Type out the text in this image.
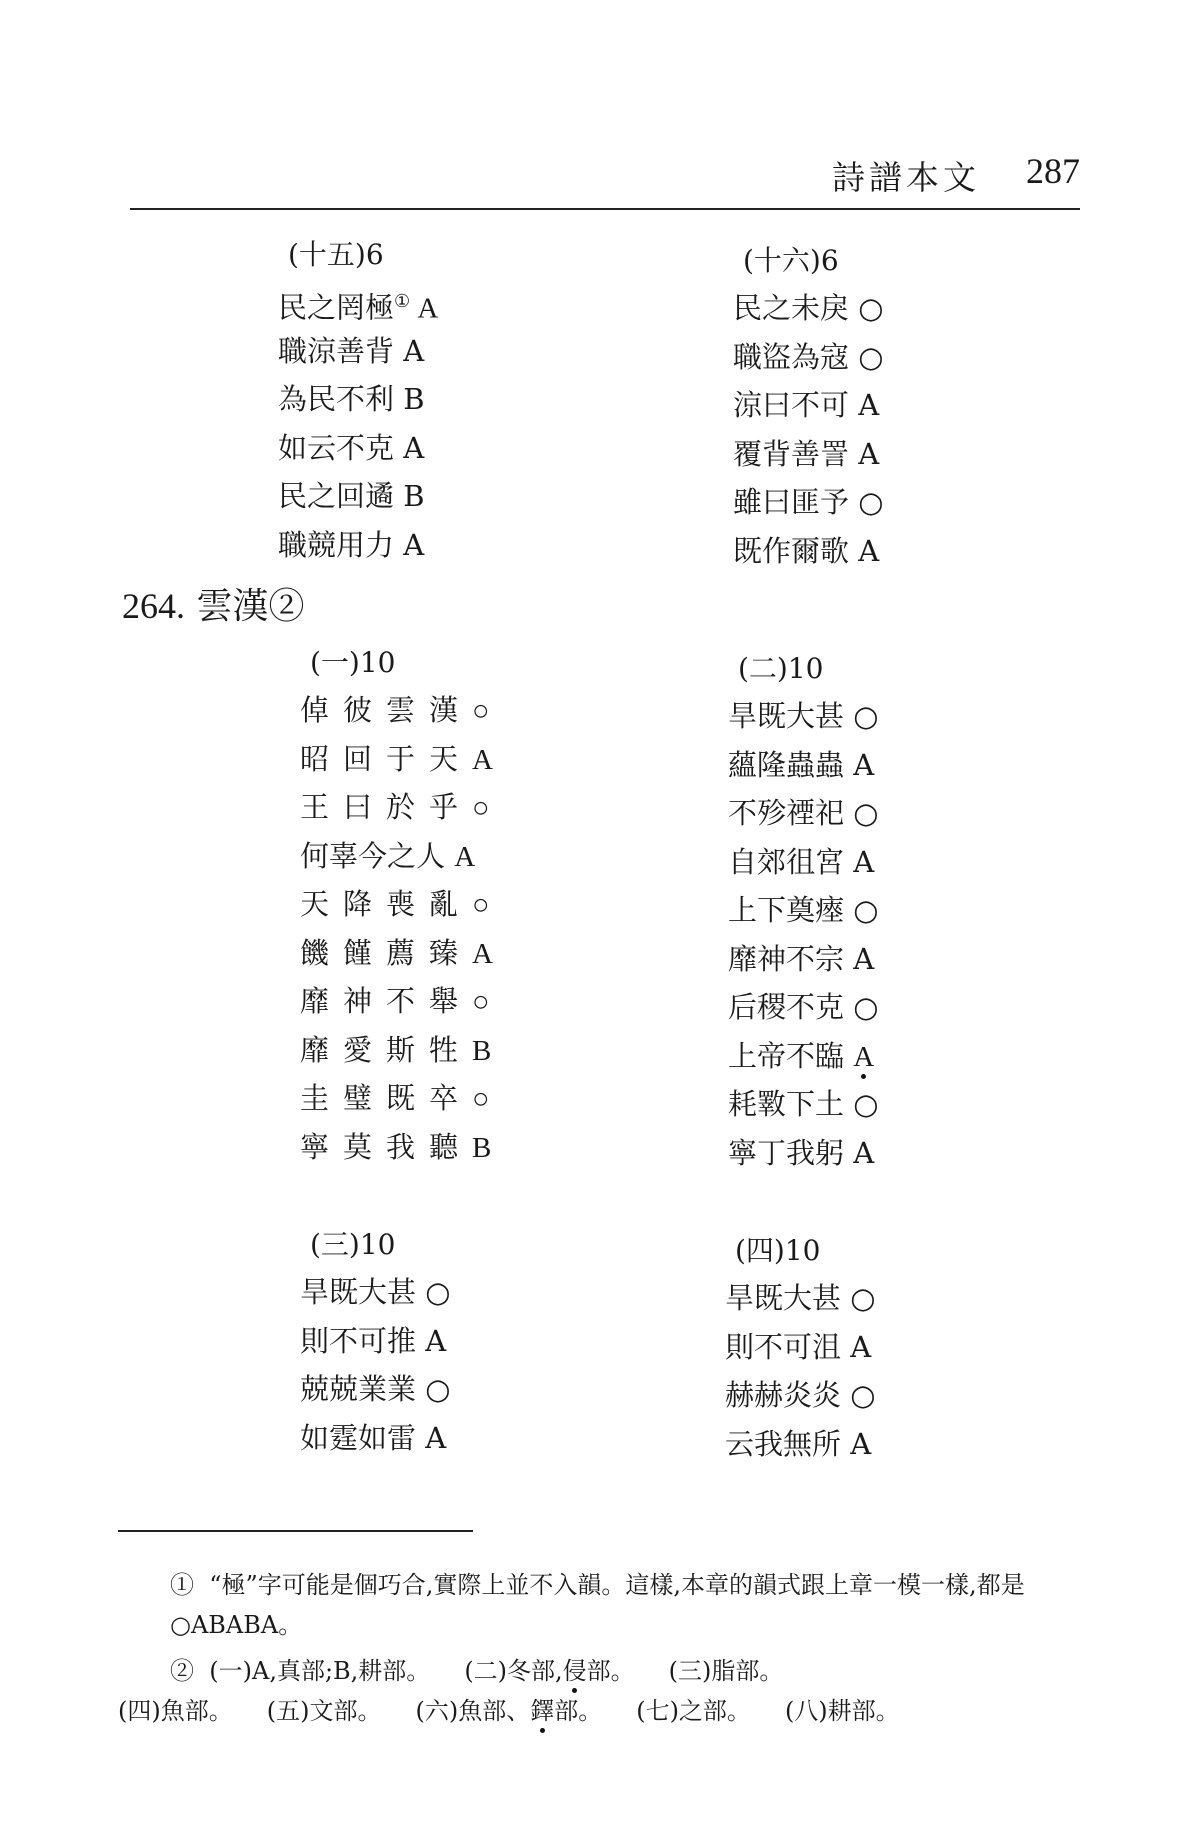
詩譜本文 287
(十五)6
民之罔極① A
職涼善背 A
為民不利 B
如云不克 A
民之回遹 B
職競用力 A
(十六)6
民之未戾 ○
職盜為寇 ○
涼曰不可 A
覆背善詈 A
雖曰匪予 ○
既作爾歌 A
264. 雲漢②
(一)10
倬彼雲漢○
昭回于天A
王曰於乎○
何辜今之人 A
天降喪亂○
饑饉薦臻A
靡神不舉○
靡愛斯牲B
圭璧既卒○
寧莫我聽B
(二)10
旱既大甚 ○
蘊隆蟲蟲 A
不殄禋祀 ○
自郊徂宮 A
上下奠瘞 ○
靡神不宗 A
后稷不克 ○
上帝不臨 A
耗斁下土 ○
寧丁我躬 A
(三)10
旱既大甚 ○
則不可推 A
兢兢業業 ○
如霆如雷 A
(四)10
旱既大甚 ○
則不可沮 A
赫赫炎炎 ○
云我無所 A

① “極”字可能是個巧合,實際上並不入韻。這樣,本章的韻式跟上章一模一樣,都是○ABABA。

② (一)A,真部;B,耕部。 (二)冬部,侵部。 (三)脂部。

(四)魚部。 (五)文部。 (六)魚部、鐸部。 (七)之部。 (八)耕部。
